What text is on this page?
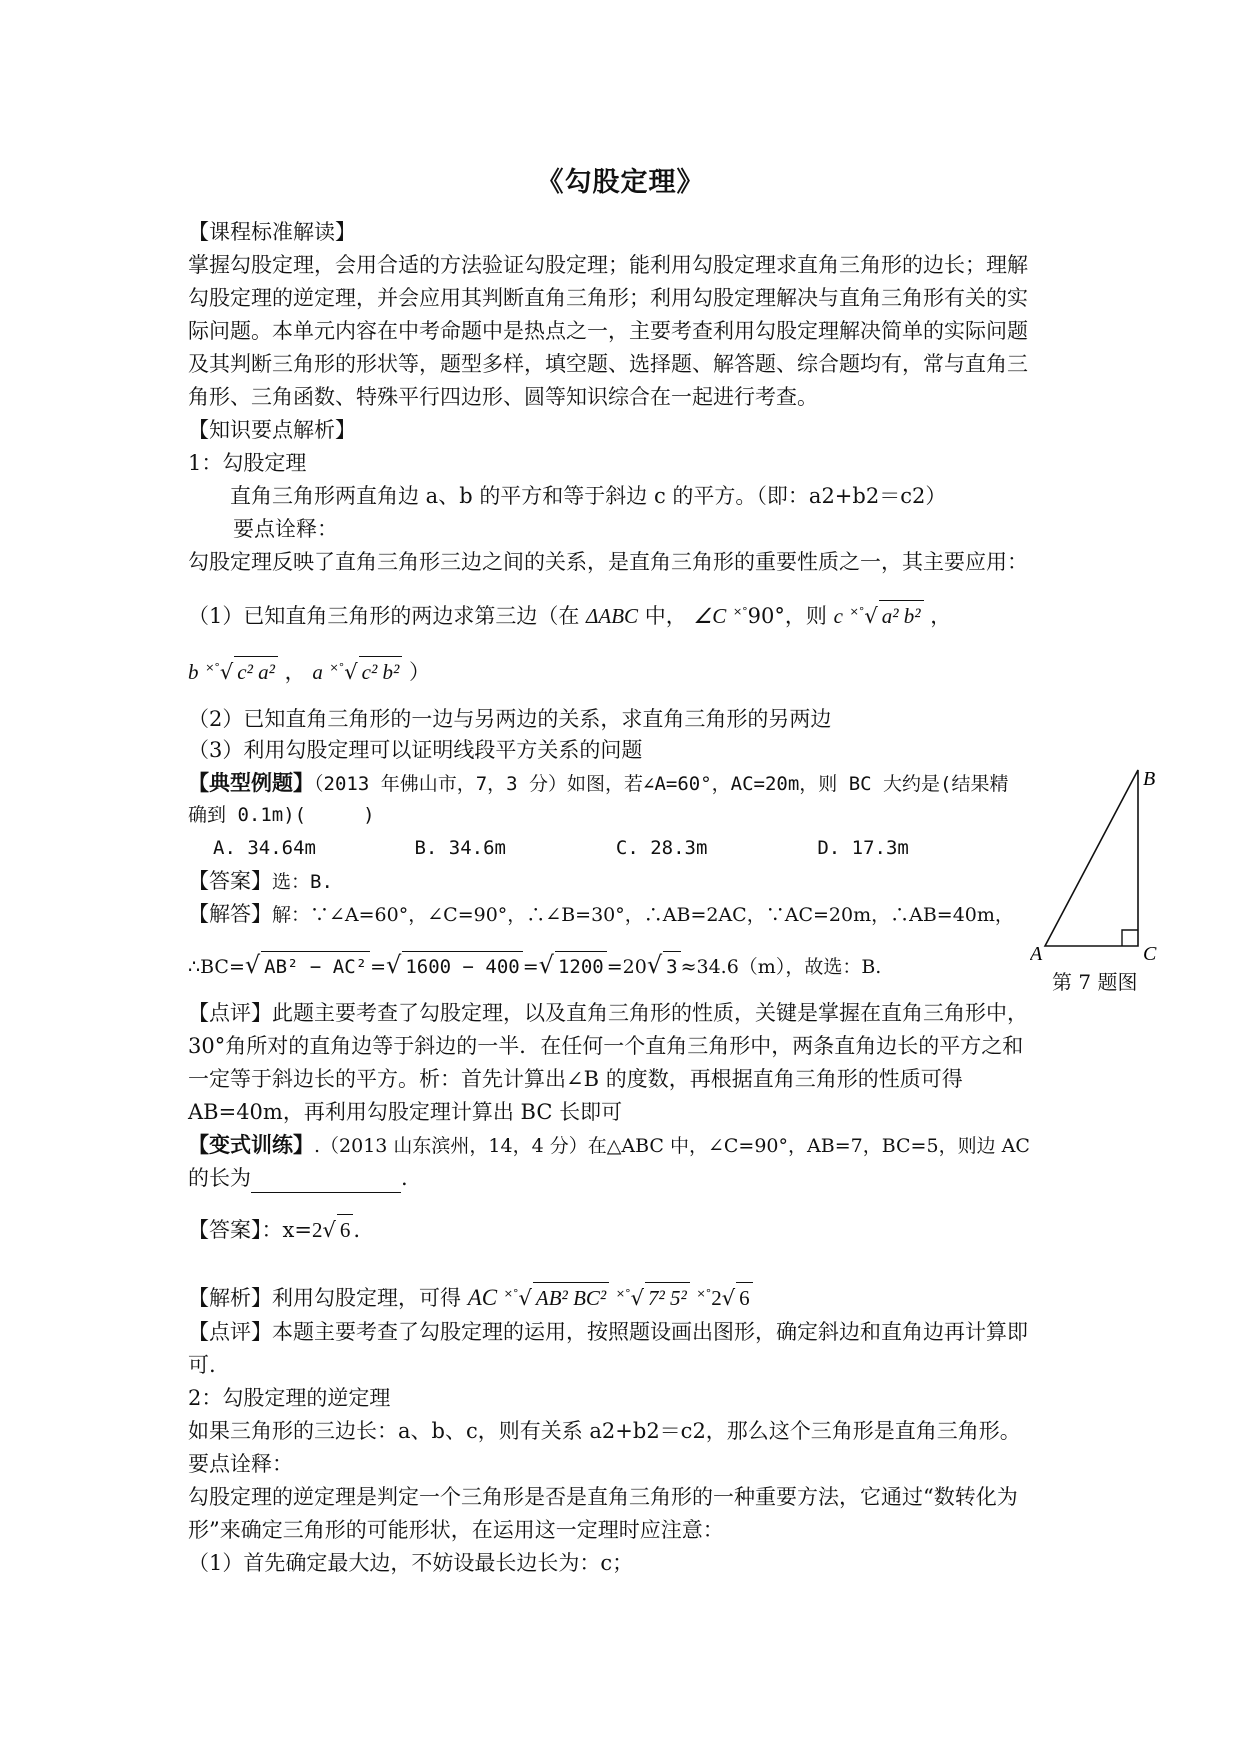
《勾股定理》
【课程标准解读】
掌握勾股定理，会用合适的方法验证勾股定理；能利用勾股定理求直角三角形的边长；理解
勾股定理的逆定理，并会应用其判断直角三角形；利用勾股定理解决与直角三角形有关的实
际问题。本单元内容在中考命题中是热点之一，主要考查利用勾股定理解决简单的实际问题
及其判断三角形的形状等，题型多样，填空题、选择题、解答题、综合题均有，常与直角三
角形、三角函数、特殊平行四边形、圆等知识综合在一起进行考查。
【知识要点解析】
1：勾股定理
直角三角形两直角边 a、b 的平方和等于斜边 c 的平方。（即：a2+b2＝c2）
要点诠释：
勾股定理反映了直角三角形三边之间的关系，是直角三角形的重要性质之一，其主要应用：
（1）已知直角三角形的两边求第三边（在 ΔABC 中， ∠C ×°90°，则 c ×°√ a² b² ，
b ×°√ c² a² ， a ×°√ c² b² ）
（2）已知直角三角形的一边与另两边的关系，求直角三角形的另两边
（3）利用勾股定理可以证明线段平方关系的问题
【典型例题】（2013 年佛山市，7，3 分）如图，若∠A=60°，AC=20m，则 BC 大约是(结果精
确到 0.1m)(　　　)
A. 34.64m	B. 34.6m	C. 28.3m	D. 17.3m
【答案】选：B.
【解答】解：∵∠A=60°，∠C=90°，∴∠B=30°，∴AB=2AC，∵AC=20m，∴AB=40m，
∴BC=√ AB² − AC² =√ 1600 − 400 =√ 1200 =20√ 3 ≈34.6（m），故选：B.
【点评】此题主要考查了勾股定理，以及直角三角形的性质，关键是掌握在直角三角形中，
30°角所对的直角边等于斜边的一半．在任何一个直角三角形中，两条直角边长的平方之和
一定等于斜边长的平方。析：首先计算出∠B 的度数，再根据直角三角形的性质可得
AB=40m，再利用勾股定理计算出 BC 长即可
【变式训练】.（2013 山东滨州，14，4 分）在△ABC 中，∠C=90°，AB=7，BC=5，则边 AC
的长为	.
【答案】：x=2√ 6 .
【解析】利用勾股定理，可得 AC ×°√ AB² BC² ×°√ 7² 5² ×°2√ 6
【点评】本题主要考查了勾股定理的运用，按照题设画出图形，确定斜边和直角边再计算即
可.
2：勾股定理的逆定理
如果三角形的三边长：a、b、c，则有关系 a2+b2＝c2，那么这个三角形是直角三角形。
要点诠释：
勾股定理的逆定理是判定一个三角形是否是直角三角形的一种重要方法，它通过“数转化为
形”来确定三角形的可能形状，在运用这一定理时应注意：
（1）首先确定最大边，不妨设最长边长为：c；
A
B
C
第 7 题图
